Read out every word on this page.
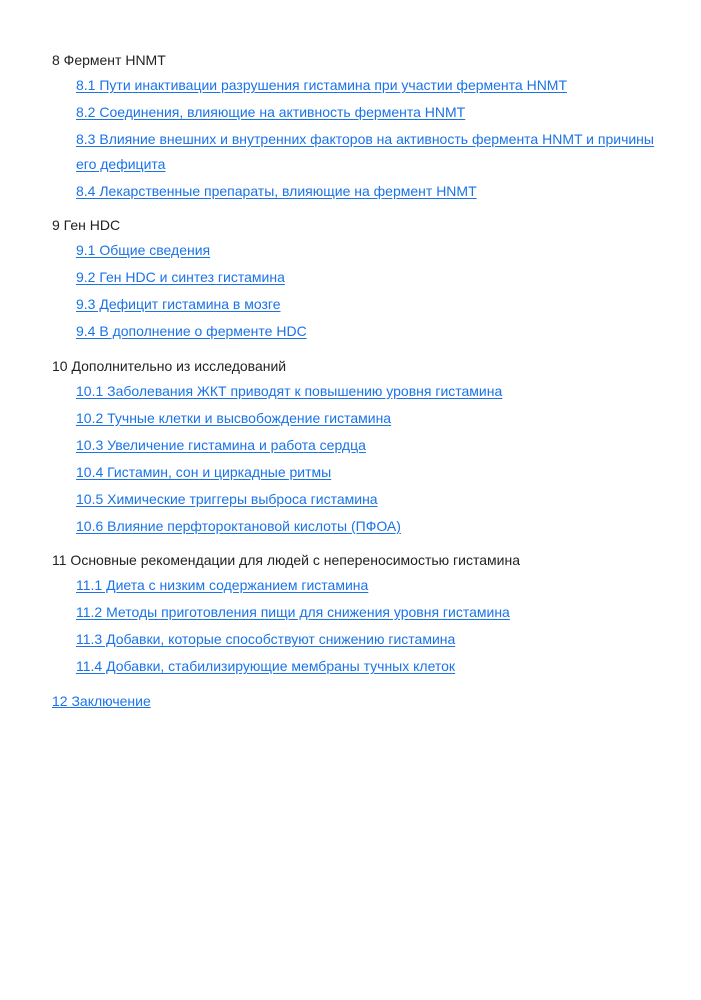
8 Фермент HNMT
8.1 Пути инактивации разрушения гистамина при участии фермента HNMT
8.2 Соединения, влияющие на активность фермента HNMT
8.3 Влияние внешних и внутренних факторов на активность фермента HNMT и причины его дефицита
8.4 Лекарственные препараты, влияющие на фермент HNMT
9 Ген HDC
9.1 Общие сведения
9.2 Ген HDC и синтез гистамина
9.3 Дефицит гистамина в мозге
9.4 В дополнение о ферменте HDC
10 Дополнительно из исследований
10.1 Заболевания ЖКТ приводят к повышению уровня гистамина
10.2 Тучные клетки и высвобождение гистамина
10.3 Увеличение гистамина и работа сердца
10.4 Гистамин, сон и циркадные ритмы
10.5 Химические триггеры выброса гистамина
10.6 Влияние перфтороктановой кислоты (ПФОА)
11 Основные рекомендации для людей с непереносимостью гистамина
11.1 Диета с низким содержанием гистамина
11.2 Методы приготовления пищи для снижения уровня гистамина
11.3 Добавки, которые способствуют снижению гистамина
11.4 Добавки, стабилизирующие мембраны тучных клеток
12 Заключение
